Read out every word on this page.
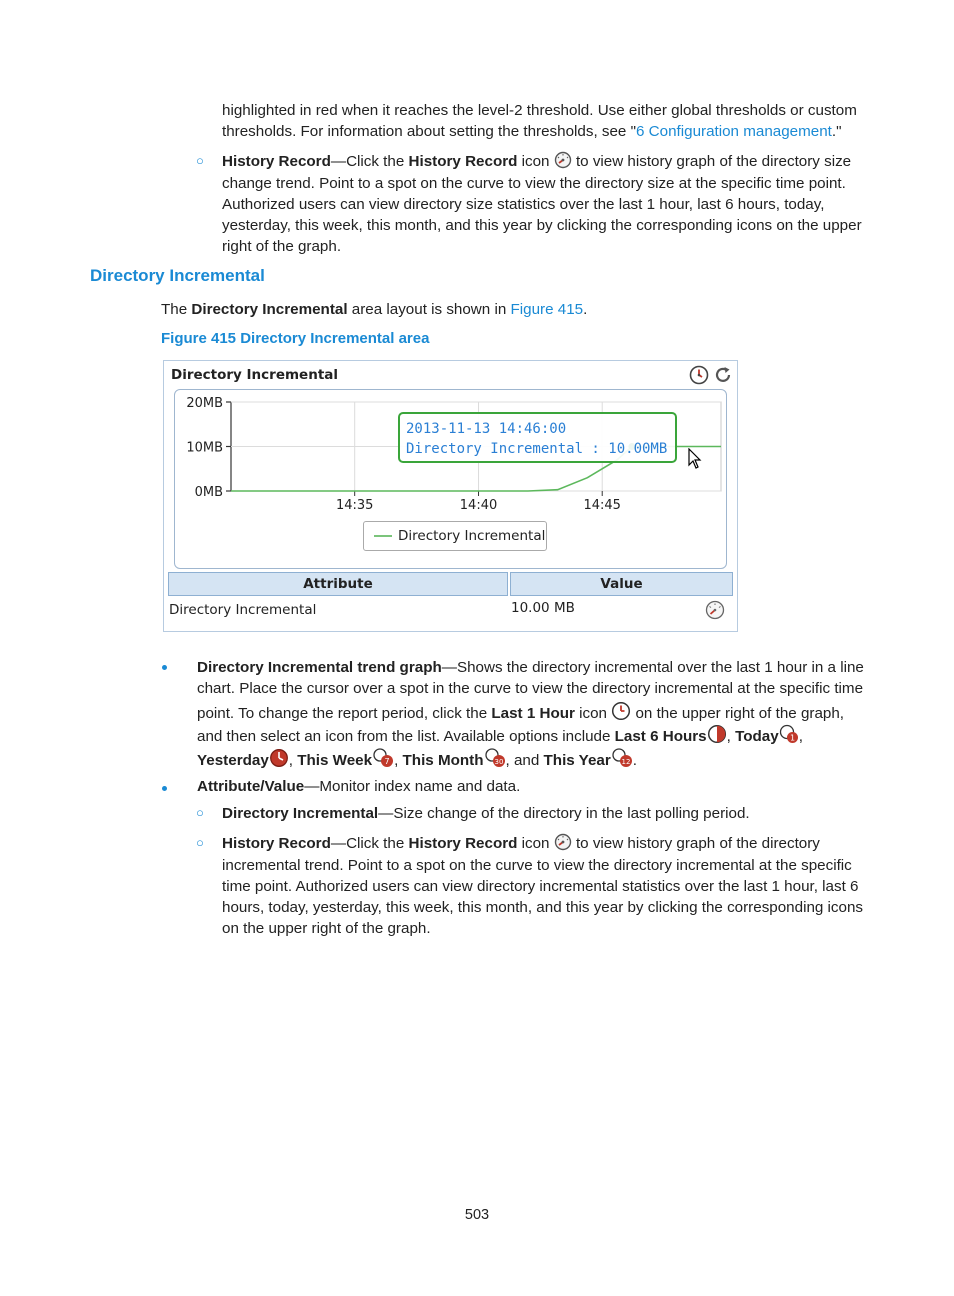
highlighted in red when it reaches the level-2 threshold. Use either global thresholds or custom
thresholds. For information about setting the thresholds, see "6 Configuration management."
○ History Record—Click the History Record icon  to view history graph of the directory size
change trend. Point to a spot on the curve to view the directory size at the specific time point.
Authorized users can view directory size statistics over the last 1 hour, last 6 hours, today,
yesterday, this week, this month, and this year by clicking the corresponding icons on the upper
right of the graph.
Directory Incremental
The Directory Incremental area layout is shown in Figure 415.
Figure 415 Directory Incremental area
Directory Incremental
0MB
10MB
20MB
14:35	14:40	14:45
Directory Incremental
2013-11-13 14:46:00
Directory Incremental : 10.00MB
Attribute	Value
Directory Incremental	10.00 MB
Directory Incremental trend graph—Shows the directory incremental over the last 1 hour in a line
chart. Place the cursor over a spot in the curve to view the directory incremental at the specific time
point. To change the report period, click the Last 1 Hour icon  on the upper right of the graph,
and then select an icon from the list. Available options include Last 6 Hours , Today 1 ,
Yesterday , This Week 7 , This Month 30 , and This Year 12 .
Attribute/Value—Monitor index name and data.
○ Directory Incremental—Size change of the directory in the last polling period.
○ History Record—Click the History Record icon  to view history graph of the directory
incremental trend. Point to a spot on the curve to view the directory incremental at the specific
time point. Authorized users can view directory incremental statistics over the last 1 hour, last 6
hours, today, yesterday, this week, this month, and this year by clicking the corresponding icons
on the upper right of the graph.
503
